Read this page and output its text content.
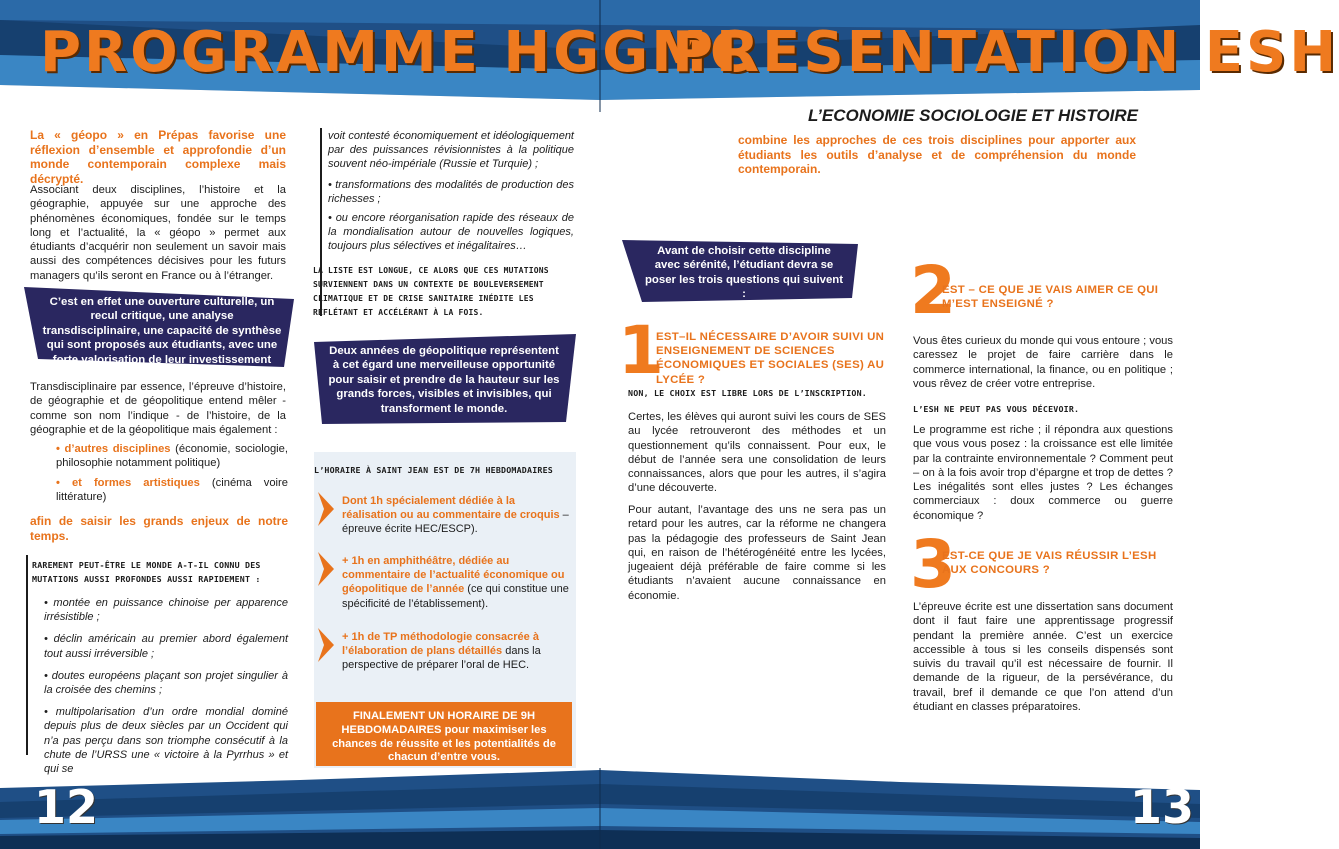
PROGRAMME HGGMC
PRESENTATION ESH
L’ECONOMIE SOCIOLOGIE ET HISTOIRE
La « géopo » en Prépas favorise une réflexion d’ensemble et approfondie d’un monde contemporain complexe mais décrypté.
Associant deux disciplines, l’histoire et la géographie, appuyée sur une approche des phénomènes économiques, fondée sur le temps long et l’actualité, la « géopo » permet aux étudiants d’acquérir non seulement un savoir mais aussi des compétences décisives pour les futurs managers qu’ils seront en France ou à l’étranger.
C’est en effet une ouverture culturelle, un recul critique, une analyse transdisciplinaire, une capacité de synthèse qui sont proposés aux étudiants, avec une forte valorisation de leur investissement aux concours.
Transdisciplinaire par essence, l’épreuve d’histoire, de géographie et de géopolitique entend mêler - comme son nom l’indique - de l’histoire, de la géographie et de la géopolitique mais également :
• d’autres disciplines (économie, sociologie, philosophie notamment politique)
• et formes artistiques (cinéma voire littérature)
afin de saisir les grands enjeux de notre temps.
RAREMENT PEUT-ÊTRE LE MONDE A-T-IL CONNU DES MUTATIONS AUSSI PROFONDES AUSSI RAPIDEMENT :
• montée en puissance chinoise per apparence irrésistible ;
• déclin américain au premier abord également tout aussi irréversible ;
• doutes européens plaçant son projet singulier à la croisée des chemins ;
• multipolarisation d’un ordre mondial dominé depuis plus de deux siècles par un Occident qui n’a pas perçu dans son triomphe consécutif à la chute de l’URSS une « victoire à la Pyrrhus » et qui se
voit contesté économiquement et idéologiquement par des puissances révisionnistes à la politique souvent néo-impériale (Russie et Turquie) ;
• transformations des modalités de production des richesses ;
• ou encore réorganisation rapide des réseaux de la mondialisation autour de nouvelles logiques, toujours plus sélectives et inégalitaires…
LA LISTE EST LONGUE, CE ALORS QUE CES MUTATIONS SURVIENNENT DANS UN CONTEXTE DE BOULEVERSEMENT CLIMATIQUE ET DE CRISE SANITAIRE INÉDITE LES REFLÉTANT ET ACCÉLÉRANT À LA FOIS.
Deux années de géopolitique représentent à cet égard une merveilleuse opportunité pour saisir et prendre de la hauteur sur les grands forces, visibles et invisibles, qui transforment le monde.
L’HORAIRE À SAINT JEAN EST DE 7H HEBDOMADAIRES
Dont 1h spécialement dédiée à la réalisation ou au commentaire de croquis – épreuve écrite HEC/ESCP).
+ 1h en amphithéâtre, dédiée au commentaire de l’actualité économique ou géopolitique de l’année (ce qui constitue une spécificité de l’établissement).
+ 1h de TP méthodologie consacrée à l’élaboration de plans détaillés dans la perspective de préparer l’oral de HEC.
FINALEMENT UN HORAIRE DE 9H HEBDOMADAIRES pour maximiser les chances de réussite et les potentialités de chacun d’entre vous.
combine les approches de ces trois disciplines pour apporter aux étudiants les outils d’analyse et de compréhension du monde contemporain.
Avant de choisir cette discipline avec sérénité, l’étudiant devra se poser les trois questions qui suivent :
1
EST–IL NÉCESSAIRE D’AVOIR SUIVI UN ENSEIGNEMENT DE SCIENCES ÉCONOMIQUES ET SOCIALES (SES) AU LYCÉE ?
NON, LE CHOIX EST LIBRE LORS DE L’INSCRIPTION.
Certes, les élèves qui auront suivi les cours de SES au lycée retrouveront des méthodes et un questionnement qu’ils connaissent. Pour eux, le début de l’année sera une consolidation de leurs connaissances, alors que pour les autres, il s’agira d’une découverte.
Pour autant, l’avantage des uns ne sera pas un retard pour les autres, car la réforme ne changera pas la pédagogie des professeurs de Saint Jean qui, en raison de l’hétérogénéité entre les lycées, jugeaient déjà préférable de faire comme si les étudiants n’avaient aucune connaissance en économie.
2
EST – CE QUE JE VAIS AIMER CE QUI M’EST ENSEIGNÉ ?
Vous êtes curieux du monde qui vous entoure ; vous caressez le projet de faire carrière dans le commerce international, la finance, ou en politique ; vous rêvez de créer votre entreprise.
L’ESH NE PEUT PAS VOUS DÉCEVOIR.
Le programme est riche ; il répondra aux questions que vous vous posez : la croissance est elle limitée par la contrainte environnementale ? Comment peut – on à la fois avoir trop d’épargne et trop de dettes ? Les inégalités sont elles justes ? Les échanges commerciaux : doux commerce ou guerre économique ?
3
EST-CE QUE JE VAIS RÉUSSIR L’ESH AUX CONCOURS ?
L’épreuve écrite est une dissertation sans document dont il faut faire une apprentissage progressif pendant la première année. C’est un exercice accessible à tous si les conseils dispensés sont suivis du travail qu’il est nécessaire de fournir. Il demande de la rigueur, de la persévérance, du travail, bref il demande ce que l’on attend d’un étudiant en classes préparatoires.
12	13
